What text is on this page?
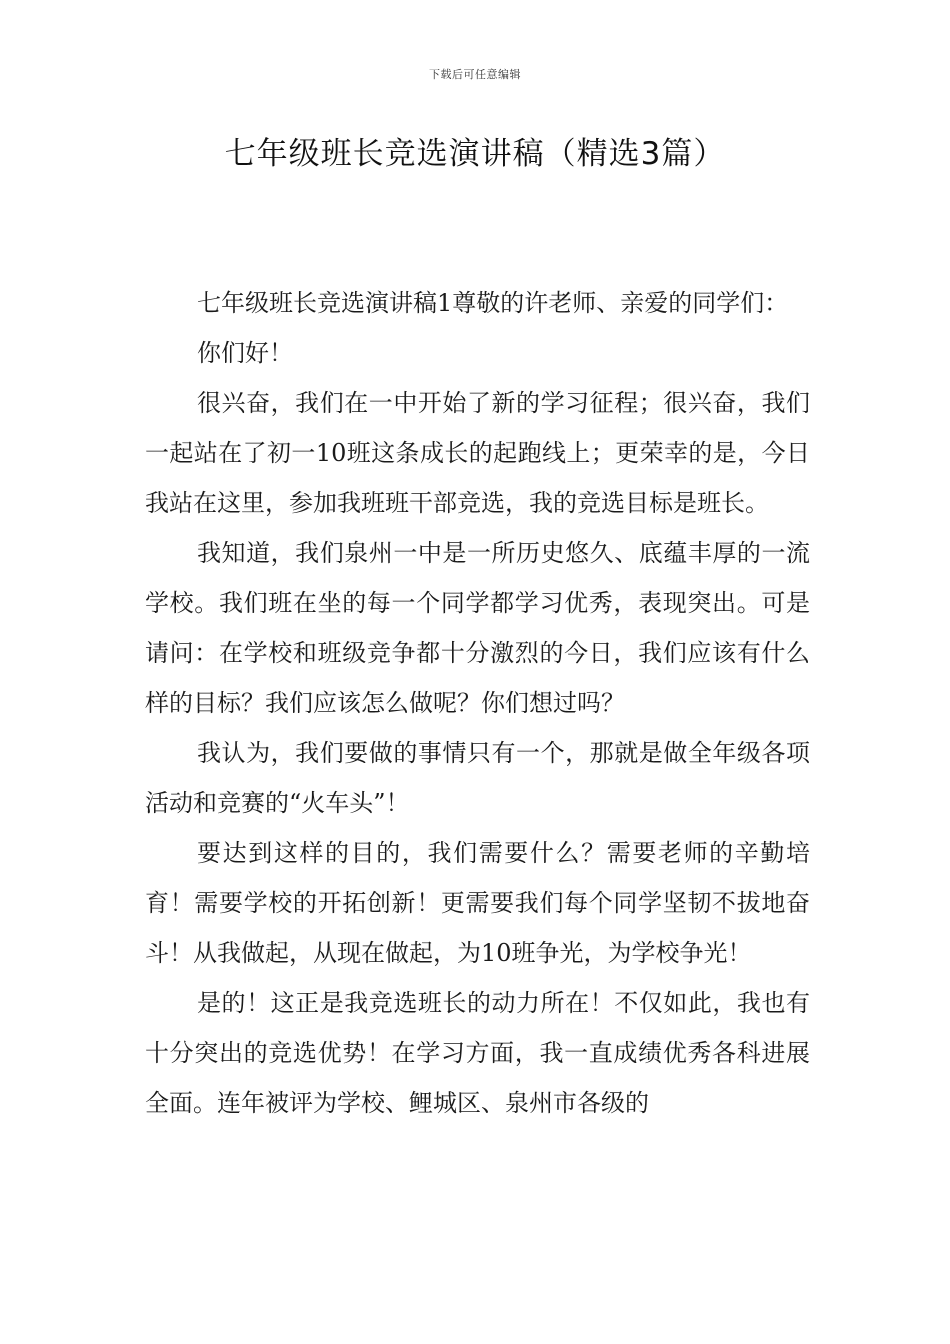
下载后可任意编辑
七年级班长竞选演讲稿（精选3篇）

七年级班长竞选演讲稿1尊敬的许老师、亲爱的同学们：

你们好！

很兴奋，我们在一中开始了新的学习征程；很兴奋，我们一起站在了初一10班这条成长的起跑线上；更荣幸的是，今日我站在这里，参加我班班干部竞选，我的竞选目标是班长。

我知道，我们泉州一中是一所历史悠久、底蕴丰厚的一流学校。我们班在坐的每一个同学都学习优秀，表现突出。可是请问：在学校和班级竞争都十分激烈的今日，我们应该有什么样的目标？我们应该怎么做呢？你们想过吗？

我认为，我们要做的事情只有一个，那就是做全年级各项活动和竞赛的“火车头”！

要达到这样的目的，我们需要什么？需要老师的辛勤培育！需要学校的开拓创新！更需要我们每个同学坚韧不拔地奋斗！从我做起，从现在做起，为10班争光，为学校争光！

是的！这正是我竞选班长的动力所在！不仅如此，我也有十分突出的竞选优势！在学习方面，我一直成绩优秀各科进展全面。连年被评为学校、鲤城区、泉州市各级的
